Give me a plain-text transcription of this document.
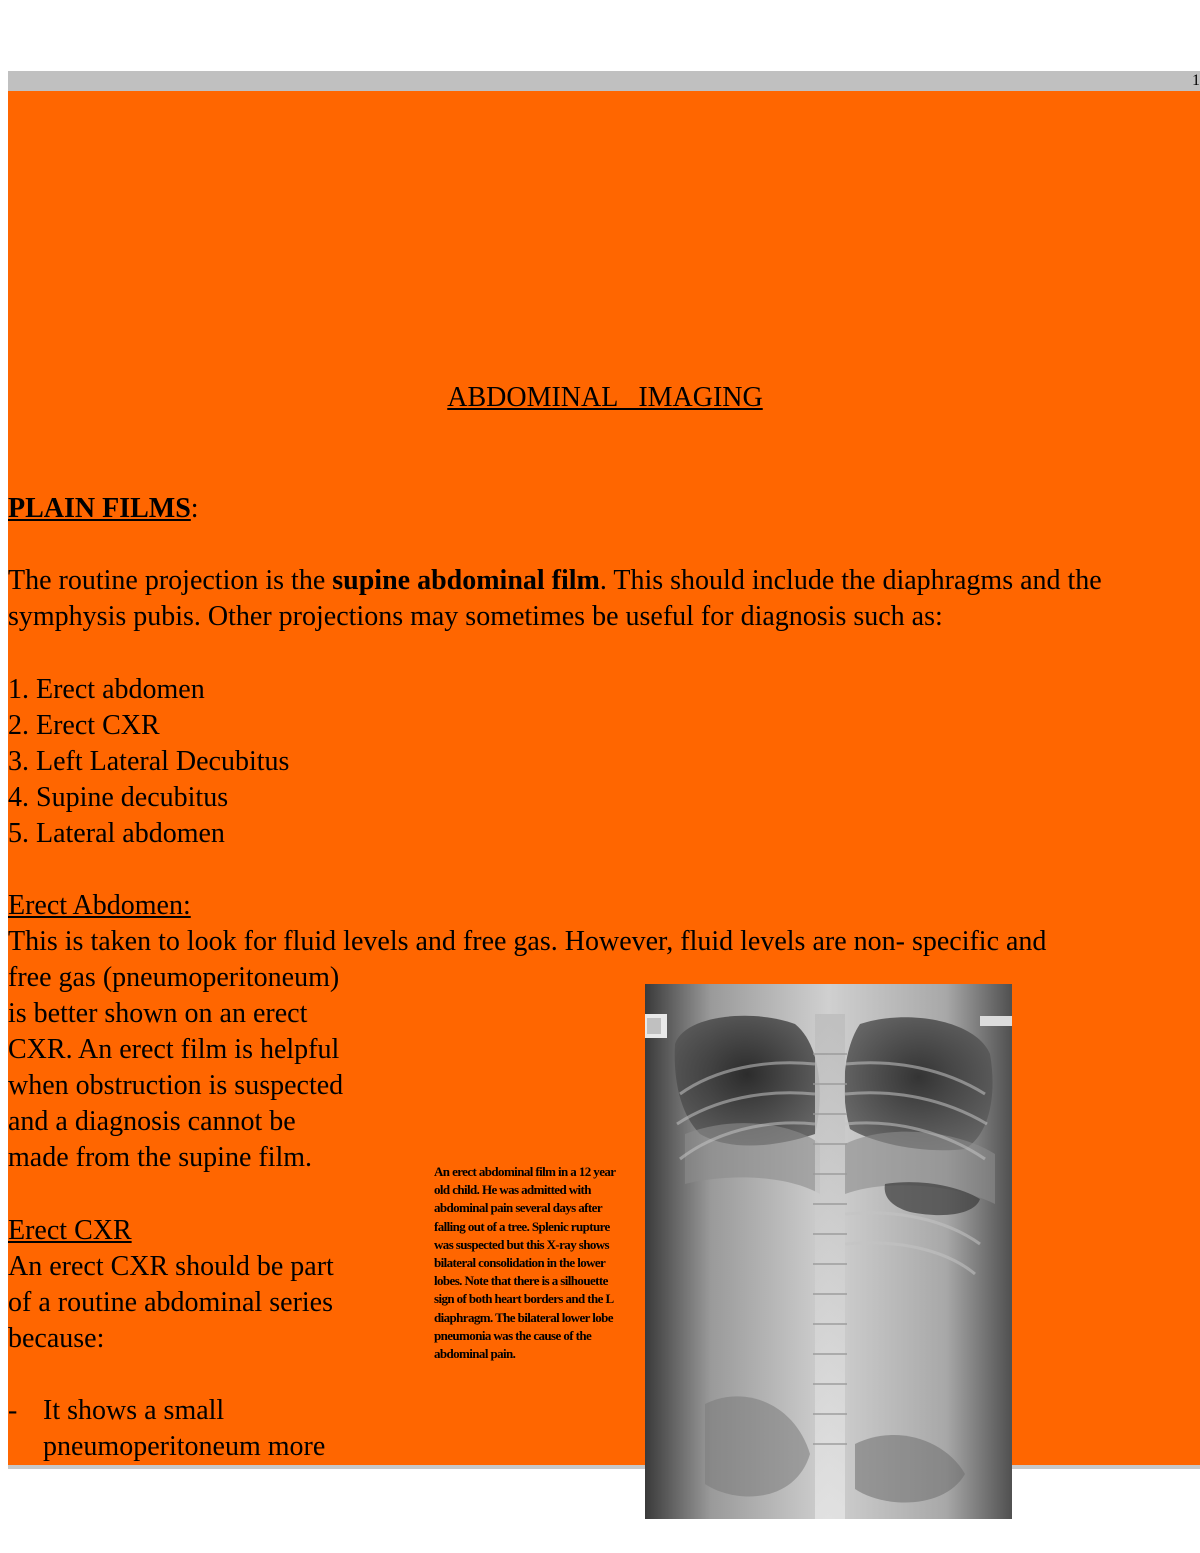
1
ABDOMINAL   IMAGING
PLAIN FILMS:
The routine projection is the supine abdominal film. This should include the diaphragms and the symphysis pubis. Other projections may sometimes be useful for diagnosis such as:
1. Erect abdomen
2. Erect CXR
3. Left Lateral Decubitus
4. Supine decubitus
5. Lateral abdomen
Erect Abdomen:
This is taken to look for fluid levels and free gas. However, fluid levels are non- specific and
free gas (pneumoperitoneum)
is better shown on an erect
CXR. An erect film is helpful
when obstruction is suspected
and a diagnosis cannot be
made from the supine film.
Erect CXR
An erect CXR should be part
of a routine abdominal series
because:
- It shows a small
pneumoperitoneum more
An erect abdominal film in a 12 year old child. He was admitted with abdominal pain several days after falling out of a tree. Splenic rupture was suspected but this X-ray shows bilateral consolidation in the lower lobes. Note that there is a silhouette sign of both heart borders and the L diaphragm. The bilateral lower lobe pneumonia was the cause of the abdominal pain.
